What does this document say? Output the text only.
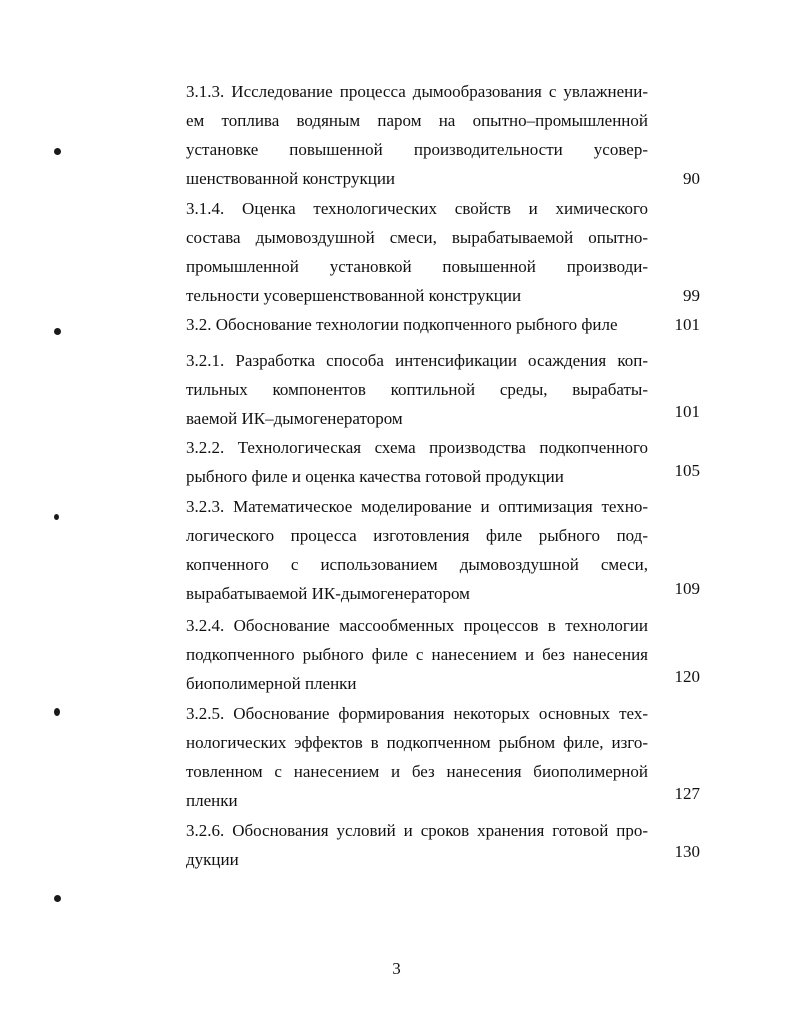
3.1.3. Исследование процесса дымообразования с увлажнени-
ем топлива водяным паром на опытно–промышленной
установке повышенной производительности усовер-
шенствованной конструкции	90
3.1.4. Оценка технологических свойств и химического
состава дымовоздушной смеси, вырабатываемой опытно-
промышленной установкой повышенной производи-
тельности усовершенствованной конструкции	99
3.2. Обоснование технологии подкопченного рыбного филе	101
3.2.1. Разработка способа интенсификации осаждения коп-
тильных компонентов коптильной среды, вырабаты-
ваемой ИК–дымогенератором	101
3.2.2. Технологическая схема производства подкопченного
рыбного филе и оценка качества готовой продукции	105
3.2.3. Математическое моделирование и оптимизация техно-
логического процесса изготовления филе рыбного под-
копченного с использованием дымовоздушной смеси,
вырабатываемой ИК-дымогенератором	109
3.2.4. Обоснование массообменных процессов в технологии
подкопченного рыбного филе с нанесением и без нанесения
биополимерной пленки	120
3.2.5. Обоснование формирования некоторых основных тех-
нологических эффектов в подкопченном рыбном филе, изго-
товленном с нанесением и без нанесения биополимерной
пленки	127
3.2.6. Обоснования условий и сроков хранения готовой про-
дукции	130
3
